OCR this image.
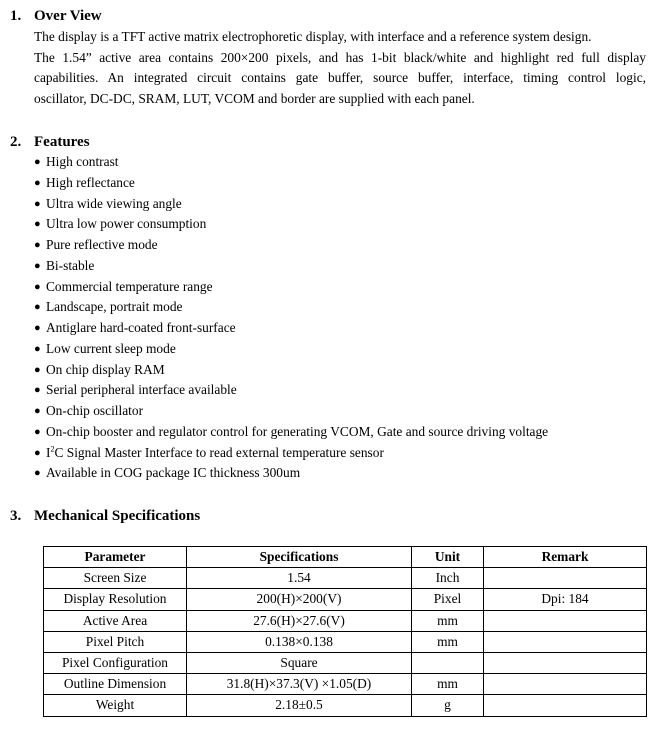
1. Over View
The display is a TFT active matrix electrophoretic display, with interface and a reference system design.
The 1.54” active area contains 200×200 pixels, and has 1-bit black/white and highlight red full display
capabilities. An integrated circuit contains gate buffer, source buffer, interface, timing control logic,
oscillator, DC-DC, SRAM, LUT, VCOM and border are supplied with each panel.
2. Features
● High contrast
● High reflectance
● Ultra wide viewing angle
● Ultra low power consumption
● Pure reflective mode
● Bi-stable
● Commercial temperature range
● Landscape, portrait mode
● Antiglare hard-coated front-surface
● Low current sleep mode
● On chip display RAM
● Serial peripheral interface available
● On-chip oscillator
● On-chip booster and regulator control for generating VCOM, Gate and source driving voltage
● $I^2C$ Signal Master Interface to read external temperature sensor
● Available in COG package IC thickness 300um
3. Mechanical Specifications
Parameter	Specifications	Unit	Remark
Screen Size	1.54	Inch	
Display Resolution	200(H)×200(V)	Pixel	Dpi: 184
Active Area	27.6(H)×27.6(V)	mm	
Pixel Pitch	0.138×0.138	mm	
Pixel Configuration	Square		
Outline Dimension	31.8(H)×37.3(V) ×1.05(D)	mm	
Weight	2.18±0.5	g	
